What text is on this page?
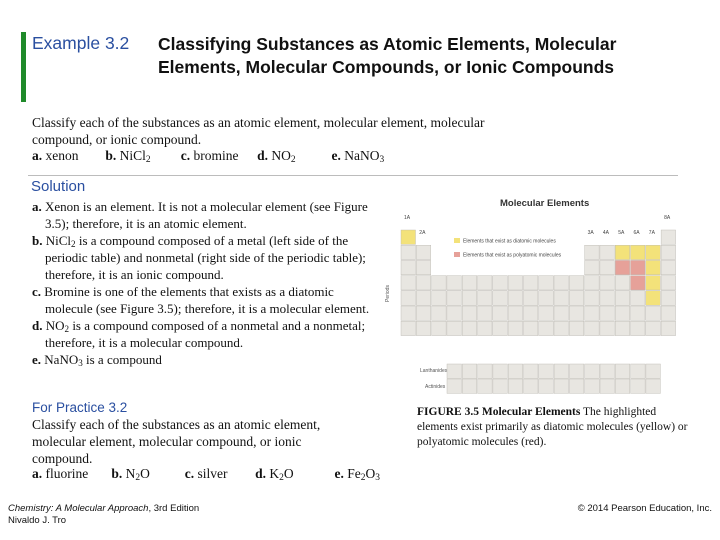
Example 3.2 Classifying Substances as Atomic Elements, Molecular Elements, Molecular Compounds, or Ionic Compounds
Classify each of the substances as an atomic element, molecular element, molecular compound, or ionic compound.
a. xenon b. NiCl$_2$ c. bromine d. $NO_2$	e. NaNO$_3$
Solution

a. Xenon is an element. It is not a molecular element (see Figure 3.5); therefore, it is an atomic element.

b. NiCl$_2$ is a compound composed of a metal (left side of the periodic table) and nonmetal (right side of the periodic table); therefore, it is an ionic compound.

c. Bromine is one of the elements that exists as a diatomic molecule (see Figure 3.5); therefore, it is a molecular element.

d. $NO_2$ is a compound composed of a nonmetal and a nonmetal; therefore, it is a molecular compound.

e. NaNO$_3$ is a compound

For Practice 3.2
Classify each of the substances as an atomic element, molecular element, molecular compound, or ionic compound.
a. fluorine b. $N_2O$	c. silver d. $K_2O$	e. $Fe_2O_3$
Molecular Elements
Elements that exist as diatomic molecules
Elements that exist as polyatomic molecules
Periods
Lanthanides
Actinides
1A
2A	3A 4A 5A 6A 7A
8A
FIGURE 3.5 Molecular Elements The highlighted elements exist primarily as diatomic molecules (yellow) or polyatomic molecules (red).
Chemistry: A Molecular Approach, 3rd Edition
Nivaldo J. Tro
© 2014 Pearson Education, Inc.
